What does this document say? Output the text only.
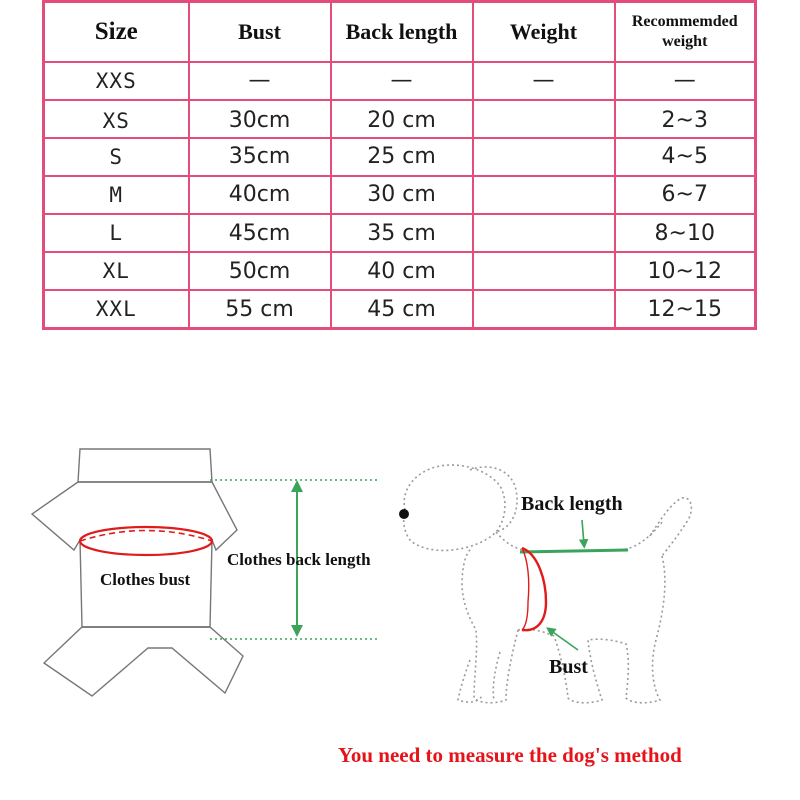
Size	Bust	Back length	Weight	Recommemded weight
XXS	—	—	—	—
XS	30cm	20 cm		2~3
S	35cm	25 cm		4~5
M	40cm	30 cm		6~7
L	45cm	35 cm		8~10
XL	50cm	40 cm		10~12
XXL	55 cm	45 cm		12~15
Clothes bust
Clothes back length
Back length
Bust
You need to measure the dog's method
